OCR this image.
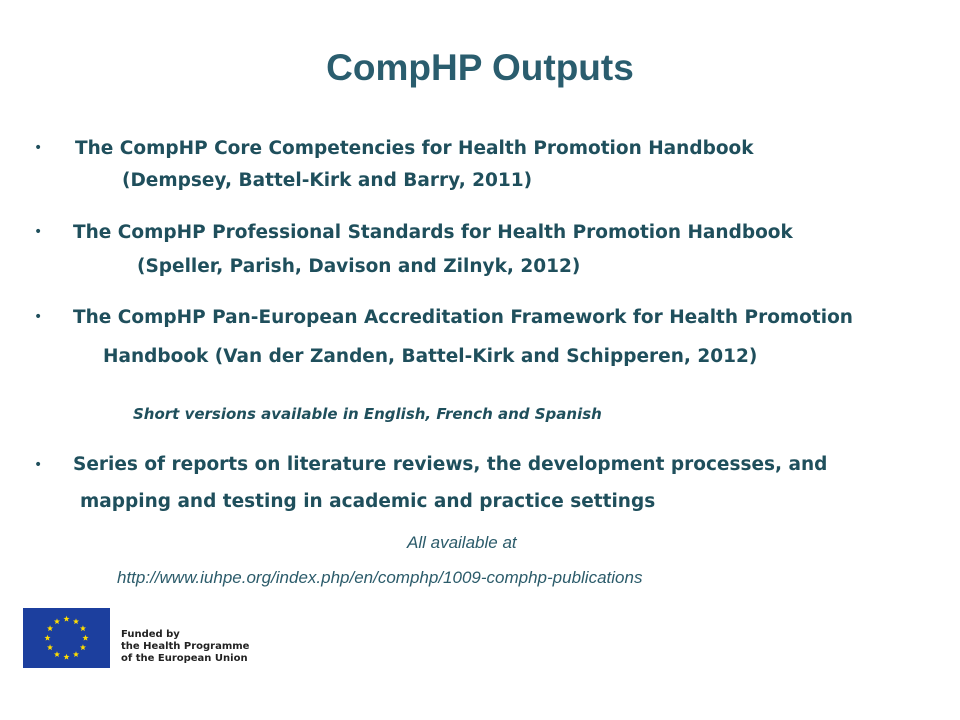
CompHP Outputs
• The CompHP Core Competencies for Health Promotion Handbook
(Dempsey, Battel-Kirk and Barry, 2011)
• The CompHP Professional Standards for Health Promotion Handbook
(Speller, Parish, Davison and Zilnyk, 2012)
• The CompHP Pan-European Accreditation Framework for Health Promotion
Handbook (Van der Zanden, Battel-Kirk and Schipperen, 2012)
Short versions available in English, French and Spanish
• Series of reports on literature reviews, the development processes, and
mapping and testing in academic and practice settings
All available at
http://www.iuhpe.org/index.php/en/comphp/1009-comphp-publications
Funded by
the Health Programme
of the European Union
